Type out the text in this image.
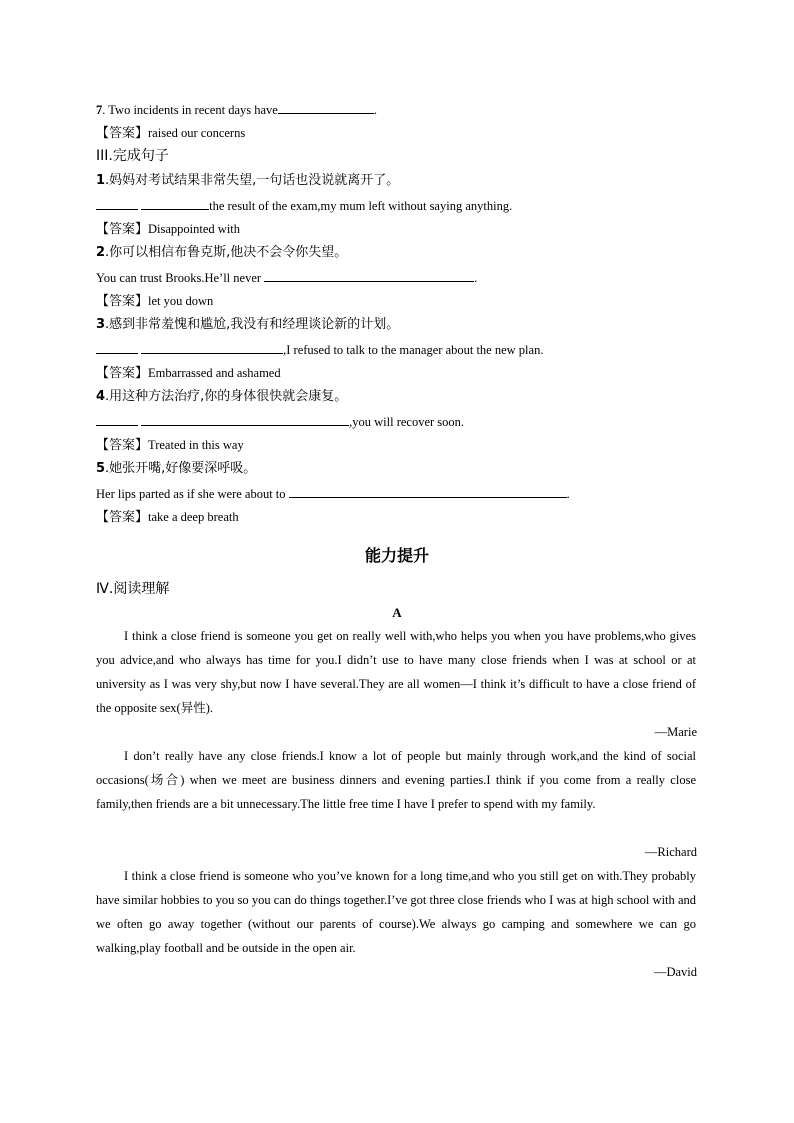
7. Two incidents in recent days have	.
【答案】raised our concerns
III.完成句子
1.妈妈对考试结果非常失望,一句话也没说就离开了。
the result of the exam,my mum left without saying anything.
【答案】Disappointed with
2.你可以相信布鲁克斯,他决不会令你失望。
You can trust Brooks.He’ll never	.
【答案】let you down
3.感到非常羞愧和尴尬,我没有和经理谈论新的计划。
,I refused to talk to the manager about the new plan.
【答案】Embarrassed and ashamed
4.用这种方法治疗,你的身体很快就会康复。
,you will recover soon.
【答案】Treated in this way
5.她张开嘴,好像要深呼吸。
Her lips parted as if she were about to	.
【答案】take a deep breath
能力提升
Ⅳ.阅读理解
A

I think a close friend is someone you get on really well with,who helps you when you have problems,who gives you advice,and who always has time for you.I didn’t use to have many close friends when I was at school or at university as I was very shy,but now I have several.They are all women—I think it’s difficult to have a close friend of the opposite sex(异性).

—Marie

I don’t really have any close friends.I know a lot of people but mainly through work,and the kind of social occasions(场合) when we meet are business dinners and evening parties.I think if you come from a really close family,then friends are a bit unnecessary.The little free time I have I prefer to spend with my family.

—Richard

I think a close friend is someone who you’ve known for a long time,and who you still get on with.They probably have similar hobbies to you so you can do things together.I’ve got three close friends who I was at high school with and we often go away together (without our parents of course).We always go camping and somewhere we can go walking,play football and be outside in the open air.

—David
